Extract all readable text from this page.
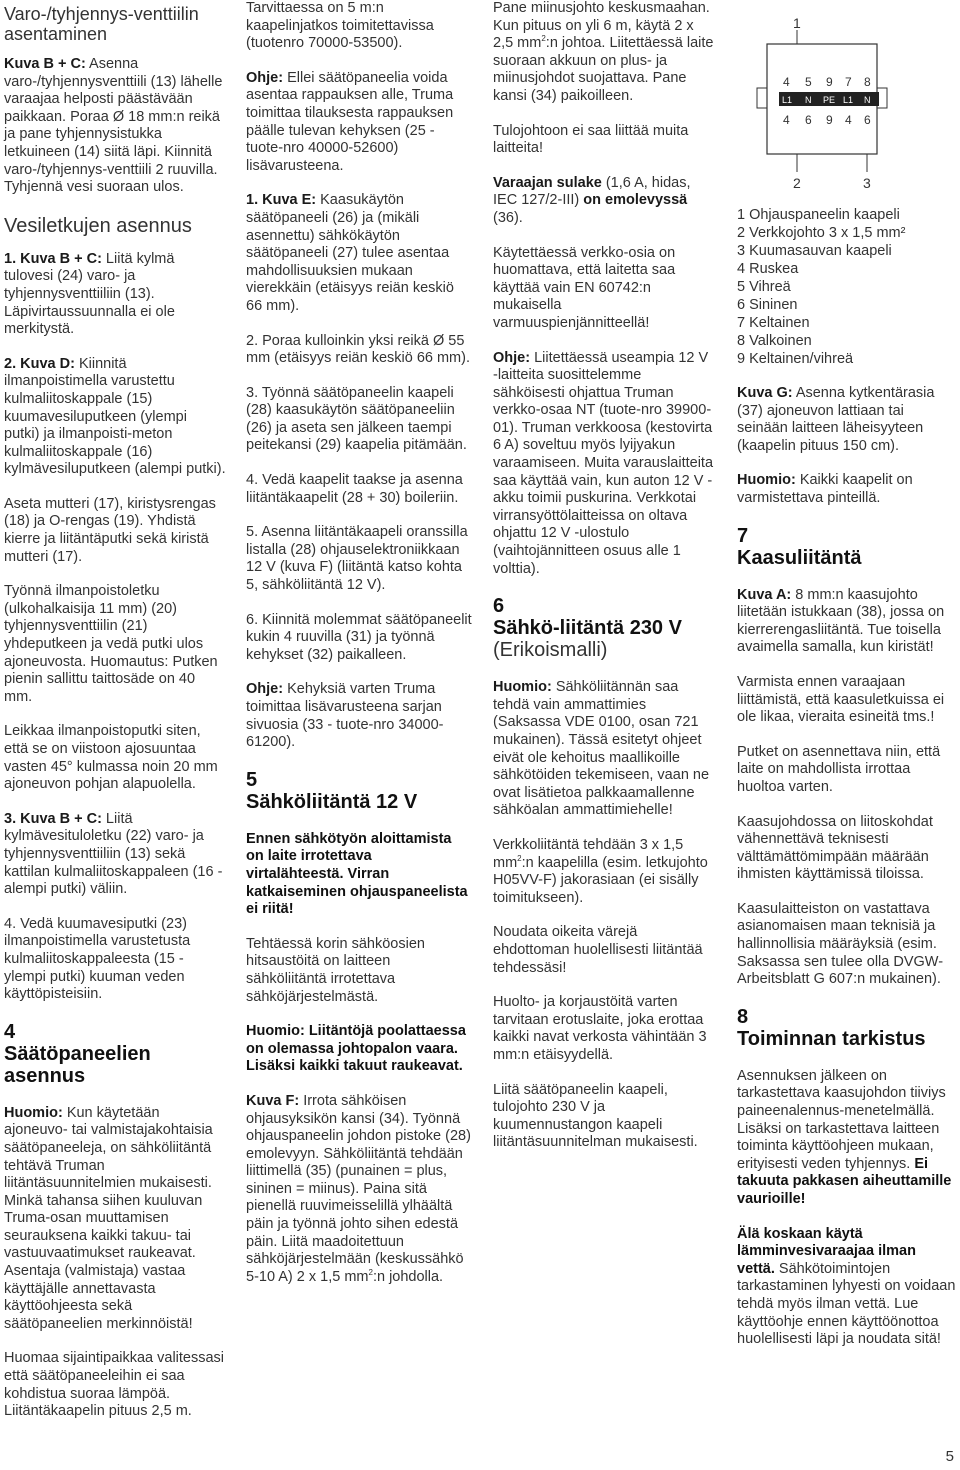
Varo-/tyhjennys-venttiilin asentaminen

Kuva B + C: Asenna varo-/tyhjennysventtiili (13) lähelle varaajaa helposti päästävään paikkaan. Poraa Ø 18 mm:n reikä ja pane tyhjennysistukka letkuineen (14) siitä läpi. Kiinnitä varo-/tyhjennys-venttiili 2 ruuvilla. Tyhjennä vesi suoraan ulos.

Vesiletkujen asennus

1. Kuva B + C: Liitä kylmä tulovesi (24) varo- ja tyhjennysventtiiliin (13). Läpivirtaussuunnalla ei ole merkitystä.

2. Kuva D: Kiinnitä ilmanpoistimella varustettu kulmaliitoskappale (15) kuumavesiluputkeen (ylempi putki) ja ilmanpoisti-meton kulmaliitoskappale (16) kylmävesiluputkeen (alempi putki).

Aseta mutteri (17), kiristysrengas (18) ja O-rengas (19). Yhdistä kierre ja liitäntäputki sekä kiristä mutteri (17).

Työnnä ilmanpoistoletku (ulkohalkaisija 11 mm) (20) tyhjennysventtiilin (21) yhdeputkeen ja vedä putki ulos ajoneuvosta. Huomautus: Putken pienin sallittu taittosäde on 40 mm.

Leikkaa ilmanpoistoputki siten, että se on viistoon ajosuuntaa vasten 45° kulmassa noin 20 mm ajoneuvon pohjan alapuolella.

3. Kuva B + C: Liitä kylmävesituloletku (22) varo- ja tyhjennysventtiiliin (13) sekä kattilan kulmaliitoskappaleen (16 - alempi putki) väliin.

4. Vedä kuumavesiputki (23) ilmanpoistimella varustetusta kulmaliitoskappaleesta (15 - ylempi putki) kuuman veden käyttöpisteisiin.

4
Säätöpaneelien asennus

Huomio: Kun käytetään ajoneuvo- tai valmistajakohtaisia säätöpaneeleja, on sähköliitäntä tehtävä Truman liitäntäsuunnitelmien mukaisesti. Minkä tahansa siihen kuuluvan Truma-osan muuttamisen seurauksena kaikki takuu- tai vastuuvaatimukset raukeavat. Asentaja (valmistaja) vastaa käyttäjälle annettavasta käyttöohjeesta sekä säätöpaneelien merkinnöistä!

Huomaa sijaintipaikkaa valitessasi että säätöpaneeleihin ei saa kohdistua suoraa lämpöä. Liitäntäkaapelin pituus 2,5 m.

Tarvittaessa on 5 m:n kaapelinjatkos toimitettavissa (tuotenro 70000-53500).

Ohje: Ellei säätöpaneelia voida asentaa rappauksen alle, Truma toimittaa tilauksesta rappauksen päälle tulevan kehyksen (25 - tuote-nro 40000-52600) lisävarusteena.

1. Kuva E: Kaasukäytön säätöpaneeli (26) ja (mikäli asennettu) sähkökäytön säätöpaneeli (27) tulee asentaa mahdollisuuksien mukaan vierekkäin (etäisyys reiän keskiö 66 mm).

2. Poraa kulloinkin yksi reikä Ø 55 mm (etäisyys reiän keskiö 66 mm).

3. Työnnä säätöpaneelin kaapeli (28) kaasukäytön säätöpaneeliin (26) ja aseta sen jälkeen taempi peitekansi (29) kaapelia pitämään.

4. Vedä kaapelit taakse ja asenna liitäntäkaapelit (28 + 30) boileriin.

5. Asenna liitäntäkaapeli oranssilla listalla (28) ohjauselektroniikkaan 12 V (kuva F) (liitäntä katso kohta 5, sähköliitäntä 12 V).

6. Kiinnitä molemmat säätöpaneelit kukin 4 ruuvilla (31) ja työnnä kehykset (32) paikalleen.

Ohje: Kehyksiä varten Truma toimittaa lisävarusteena sarjan sivuosia (33 - tuote-nro 34000-61200).

5
Sähköliitäntä 12 V

Ennen sähkötyön aloittamista on laite irrotettava virtalähteestä. Virran katkaiseminen ohjauspaneelista ei riitä!

Tehtäessä korin sähköosien hitsaustöitä on laitteen sähköliitäntä irrotettava sähköjärjestelmästä.

Huomio: Liitäntöjä poolattaessa on olemassa johtopalon vaara. Lisäksi kaikki takuut raukeavat.

Kuva F: Irrota sähköisen ohjausyksikön kansi (34). Työnnä ohjauspaneelin johdon pistoke (28) emolevyyn. Sähköliitäntä tehdään liittimellä (35) (punainen = plus, sininen = miinus). Paina sitä pienellä ruuvimeisselillä ylhäältä päin ja työnnä johto sihen edestä päin. Liitä maadoitettuun sähköjärjestelmään (keskussähkö 5-10 A) 2 x 1,5 $mm^2:n$ johdolla.

Pane miinusjohto keskusmaahan. Kun pituus on yli 6 m, käytä 2 x 2,5 $mm^2:n$ johtoa. Liitettäessä laite suoraan akkuun on plus- ja miinusjohdot suojattava. Pane kansi (34) paikoilleen.

Tulojohtoon ei saa liittää muita laitteita!

Varaajan sulake (1,6 A, hidas, IEC 127/2-III) on emolevyssä (36).

Käytettäessä verkko-osia on huomattava, että laitetta saa käyttää vain EN 60742:n mukaisella varmuuspienjännitteellä!

Ohje: Liitettäessä useampia 12 V -laitteita suosittelemme sähköisesti ohjattua Truman verkko-osaa NT (tuote-nro 39900-01). Truman verkkoosa (kestovirta 6 A) soveltuu myös lyijyakun varaamiseen. Muita varauslaitteita saa käyttää vain, kun auton 12 V -akku toimii puskurina. Verkkotai virransyöttölaitteissa on oltava ohjattu 12 V -ulostulo (vaihtojännitteen osuus alle 1 volttia).

6
Sähkö-liitäntä 230 V
(Erikoismalli)

Huomio: Sähköliitännän saa tehdä vain ammattimies (Saksassa VDE 0100, osan 721 mukainen). Tässä esitetyt ohjeet eivät ole kehoitus maallikoille sähkötöiden tekemiseen, vaan ne ovat lisätietoa palkkaamallenne sähköalan ammattimiehelle!

Verkkoliitäntä tehdään 3 x 1,5 $mm^2:n$ kaapelilla (esim. letkujohto H05VV-F) jakorasiaan (ei sisälly toimitukseen).

Noudata oikeita värejä ehdottoman huolellisesti liitäntää tehdessäsi!

Huolto- ja korjaustöitä varten tarvitaan erotuslaite, joka erottaa kaikki navat verkosta vähintään 3 mm:n etäisyydellä.

Liitä säätöpaneelin kaapeli, tulojohto 230 V ja kuumennustangon kaapeli liitäntäsuunnitelman mukaisesti.

1
4 5 9 7 8
L1 N PE L1 N
4 6 9 4 6
2	3
1 Ohjauspaneelin kaapeli
2 Verkkojohto 3 x 1,5 mm²
3 Kuumasauvan kaapeli
4 Ruskea
5 Vihreä
6 Sininen
7 Keltainen
8 Valkoinen
9 Keltainen/vihreä

Kuva G: Asenna kytkentärasia (37) ajoneuvon lattiaan tai seinään laitteen läheisyyteen (kaapelin pituus 150 cm).

Huomio: Kaikki kaapelit on varmistettava pinteillä.

7
Kaasuliitäntä

Kuva A: 8 mm:n kaasujohto liitetään istukkaan (38), jossa on kierrerengasliitäntä. Tue toisella avaimella samalla, kun kiristät!

Varmista ennen varaajaan liittämistä, että kaasuletkuissa ei ole likaa, vieraita esineitä tms.!

Putket on asennettava niin, että laite on mahdollista irrottaa huoltoa varten.

Kaasujohdossa on liitoskohdat vähennettävä teknisesti välttämättömimpään määrään ihmisten käyttämissä tiloissa.

Kaasulaitteiston on vastattava asianomaisen maan teknisiä ja hallinnollisia määräyksiä (esim. Saksassa sen tulee olla DVGW-Arbeitsblatt G 607:n mukainen).

8
Toiminnan tarkistus

Asennuksen jälkeen on tarkastettava kaasujohdon tiiviys paineenalennus-menetelmällä. Lisäksi on tarkastettava laitteen toiminta käyttöohjeen mukaan, erityisesti veden tyhjennys. Ei takuuta pakkasen aiheuttamille vaurioille!

Älä koskaan käytä lämminvesivaraajaa ilman vettä. Sähkötoimintojen tarkastaminen lyhyesti on voidaan tehdä myös ilman vettä. Lue käyttöohje ennen käyttöönottoa huolellisesti läpi ja noudata sitä!

5
